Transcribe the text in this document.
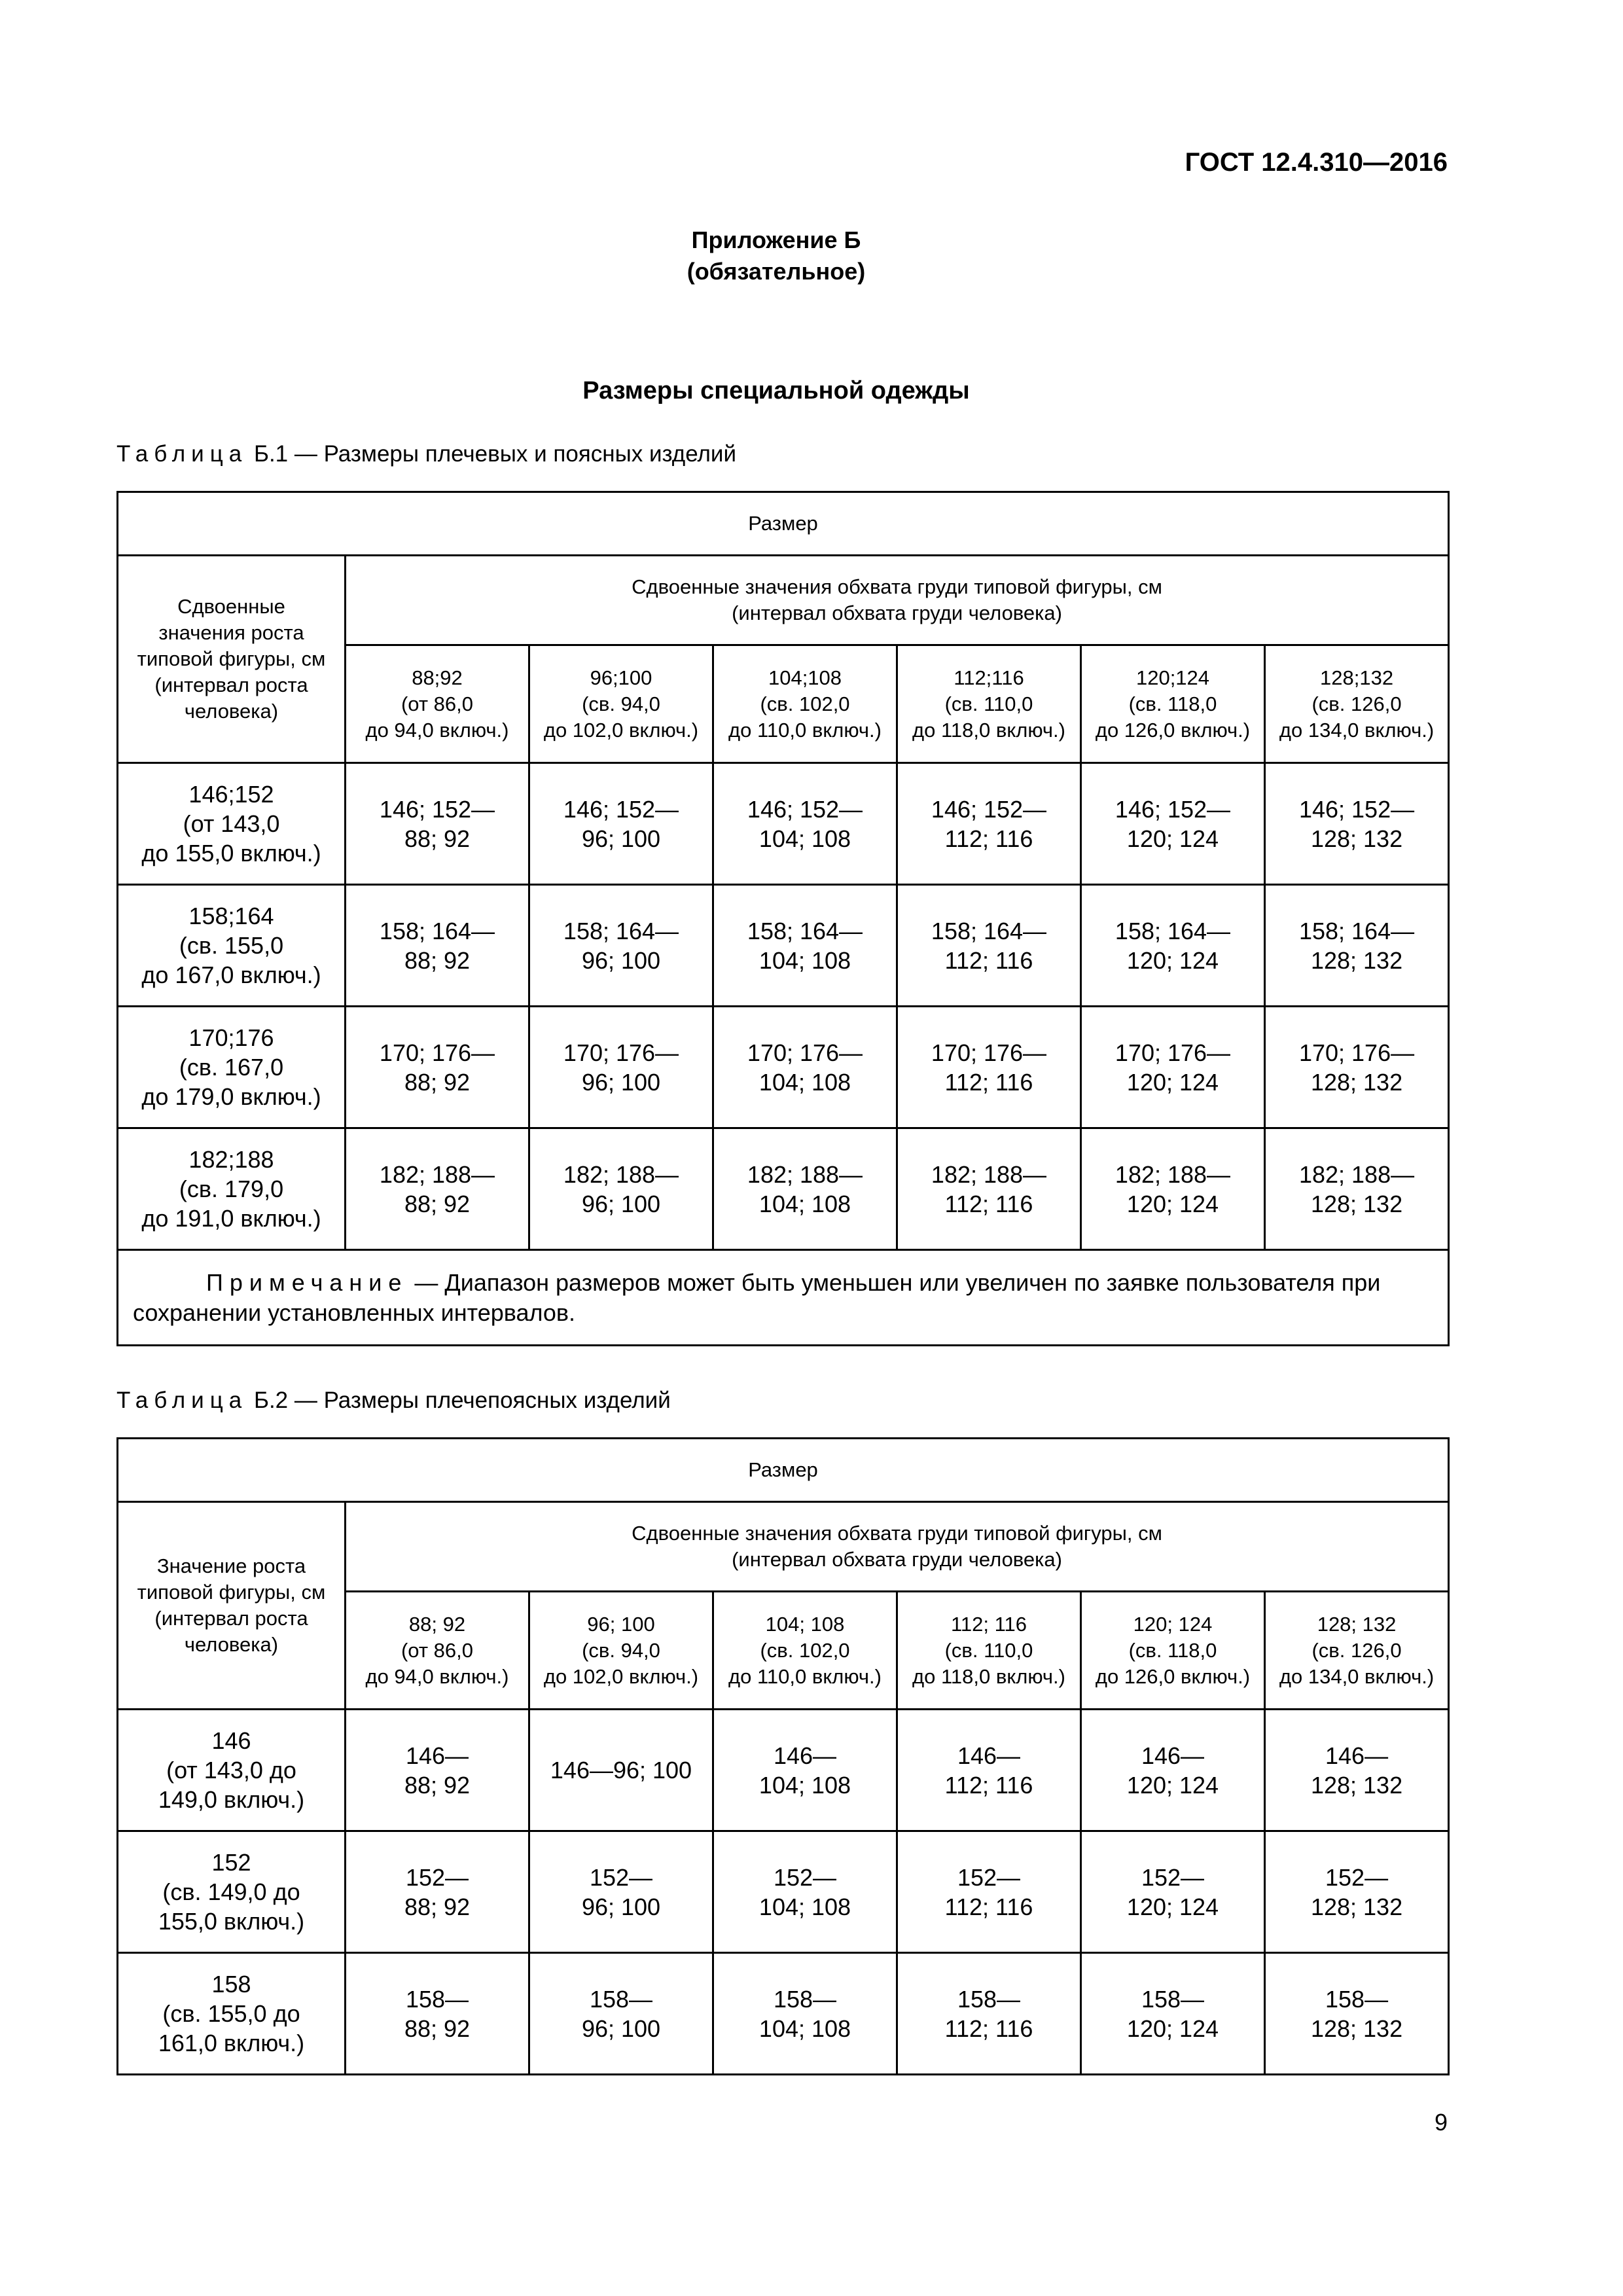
ГОСТ 12.4.310—2016
Приложение Б
(обязательное)
Размеры специальной одежды
Таблица Б.1 — Размеры плечевых и поясных изделий
Размер						
Сдвоенные
значения роста
типовой фигуры, см
(интервал роста
человека)	Сдвоенные значения обхвата груди типовой фигуры, см
(интервал обхвата груди человека)					
	88;92
(от 86,0
до 94,0 включ.)	96;100
(св. 94,0
до 102,0 включ.)	104;108
(св. 102,0
до 110,0 включ.)	112;116
(св. 110,0
до 118,0 включ.)	120;124
(св. 118,0
до 126,0 включ.)	128;132
(св. 126,0
до 134,0 включ.)
146;152
(от 143,0
до 155,0 включ.)	146; 152—
88; 92	146; 152—
96; 100	146; 152—
104; 108	146; 152—
112; 116	146; 152—
120; 124	146; 152—
128; 132
158;164
(св. 155,0
до 167,0 включ.)	158; 164—
88; 92	158; 164—
96; 100	158; 164—
104; 108	158; 164—
112; 116	158; 164—
120; 124	158; 164—
128; 132
170;176
(св. 167,0
до 179,0 включ.)	170; 176—
88; 92	170; 176—
96; 100	170; 176—
104; 108	170; 176—
112; 116	170; 176—
120; 124	170; 176—
128; 132
182;188
(св. 179,0
до 191,0 включ.)	182; 188—
88; 92	182; 188—
96; 100	182; 188—
104; 108	182; 188—
112; 116	182; 188—
120; 124	182; 188—
128; 132
Примечание — Диапазон размеров может быть уменьшен или увеличен по заявке пользователя при сохранении установленных интервалов.						
Таблица Б.2 — Размеры плечепоясных изделий
Размер						
Значение роста
типовой фигуры, см
(интервал роста
человека)	Сдвоенные значения обхвата груди типовой фигуры, см
(интервал обхвата груди человека)					
	88; 92
(от 86,0
до 94,0 включ.)	96; 100
(св. 94,0
до 102,0 включ.)	104; 108
(св. 102,0
до 110,0 включ.)	112; 116
(св. 110,0
до 118,0 включ.)	120; 124
(св. 118,0
до 126,0 включ.)	128; 132
(св. 126,0
до 134,0 включ.)
146
(от 143,0 до
149,0 включ.)	146—
88; 92	146—96; 100	146—
104; 108	146—
112; 116	146—
120; 124	146—
128; 132
152
(св. 149,0 до
155,0 включ.)	152—
88; 92	152—
96; 100	152—
104; 108	152—
112; 116	152—
120; 124	152—
128; 132
158
(св. 155,0 до
161,0 включ.)	158—
88; 92	158—
96; 100	158—
104; 108	158—
112; 116	158—
120; 124	158—
128; 132
9
